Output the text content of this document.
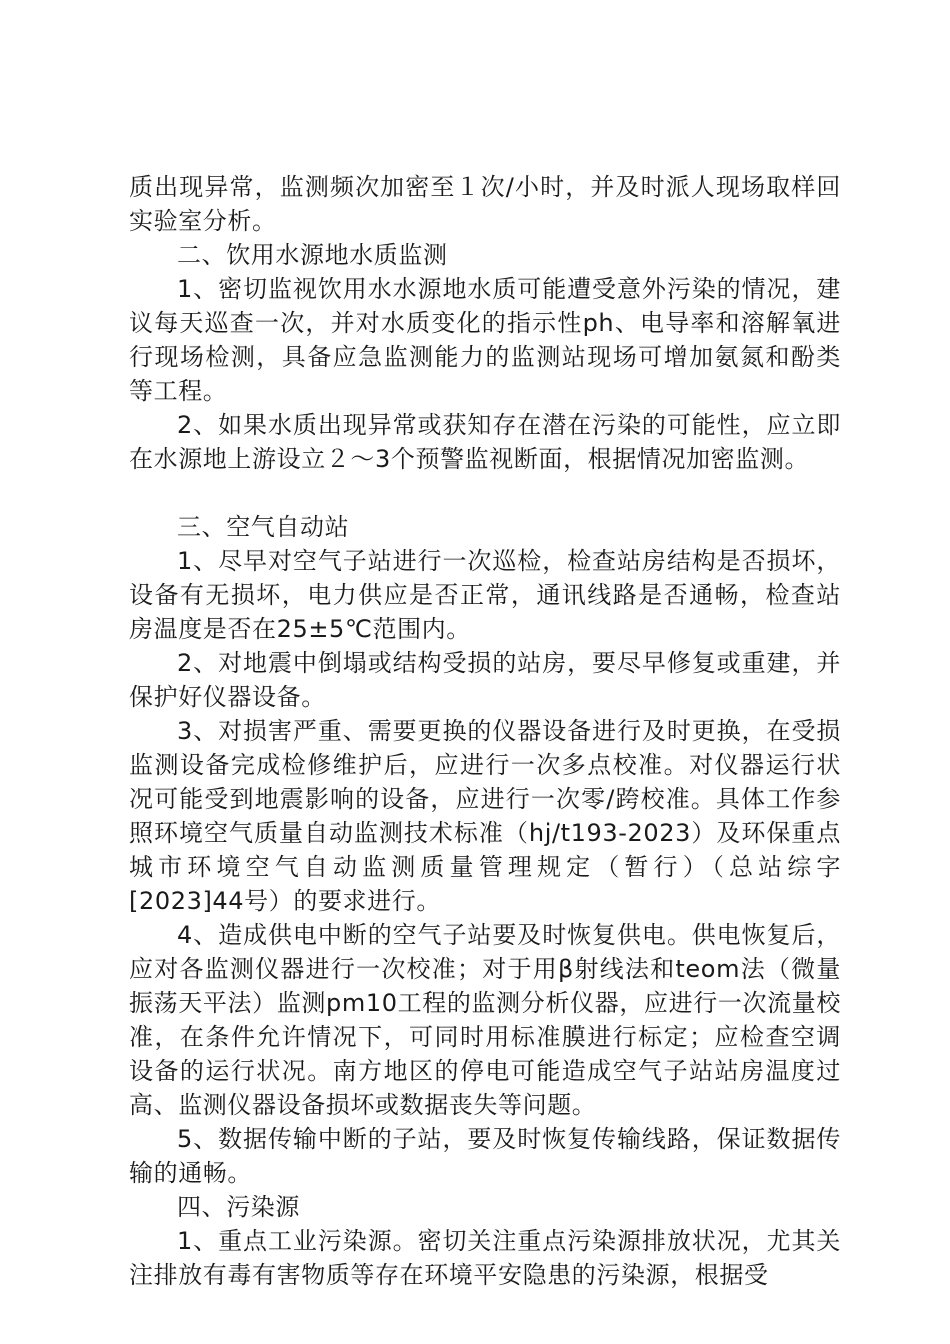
质出现异常，监测频次加密至１次/小时，并及时派人现场取样回实验室分析。

二、饮用水源地水质监测

1、密切监视饮用水水源地水质可能遭受意外污染的情况，建议每天巡查一次，并对水质变化的指示性ph、电导率和溶解氧进行现场检测，具备应急监测能力的监测站现场可增加氨氮和酚类等工程。

2、如果水质出现异常或获知存在潜在污染的可能性，应立即在水源地上游设立２～3个预警监视断面，根据情况加密监测。

三、空气自动站

1、尽早对空气子站进行一次巡检，检查站房结构是否损坏，设备有无损坏，电力供应是否正常，通讯线路是否通畅，检查站房温度是否在25±5℃范围内。

2、对地震中倒塌或结构受损的站房，要尽早修复或重建，并保护好仪器设备。

3、对损害严重、需要更换的仪器设备进行及时更换，在受损监测设备完成检修维护后，应进行一次多点校准。对仪器运行状况可能受到地震影响的设备，应进行一次零/跨校准。具体工作参照环境空气质量自动监测技术标准（hj/t193-2023）及环保重点城市环境空气自动监测质量管理规定（暂行）（总站综字[2023]44号）的要求进行。

4、造成供电中断的空气子站要及时恢复供电。供电恢复后，应对各监测仪器进行一次校准；对于用β射线法和teom法（微量振荡天平法）监测pm10工程的监测分析仪器，应进行一次流量校准，在条件允许情况下，可同时用标准膜进行标定；应检查空调设备的运行状况。南方地区的停电可能造成空气子站站房温度过高、监测仪器设备损坏或数据丧失等问题。

5、数据传输中断的子站，要及时恢复传输线路，保证数据传输的通畅。

四、污染源

1、重点工业污染源。密切关注重点污染源排放状况，尤其关注排放有毒有害物质等存在环境平安隐患的污染源，根据受
